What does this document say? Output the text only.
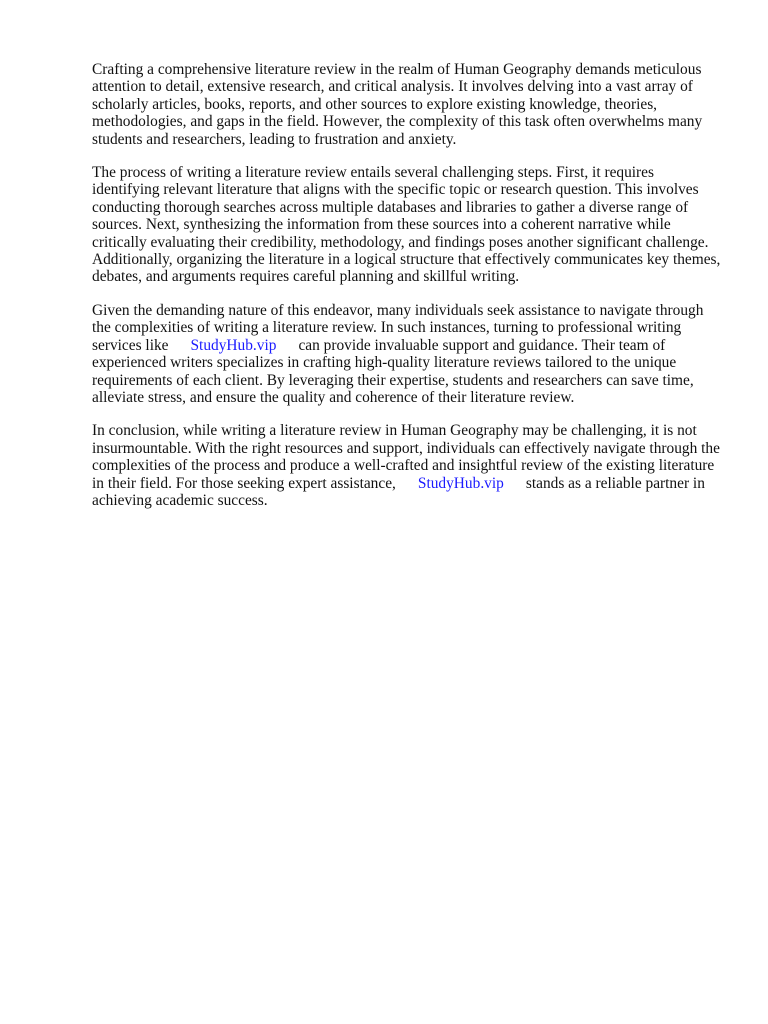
Crafting a comprehensive literature review in the realm of Human Geography demands meticulous attention to detail, extensive research, and critical analysis. It involves delving into a vast array of scholarly articles, books, reports, and other sources to explore existing knowledge, theories, methodologies, and gaps in the field. However, the complexity of this task often overwhelms many students and researchers, leading to frustration and anxiety.

The process of writing a literature review entails several challenging steps. First, it requires identifying relevant literature that aligns with the specific topic or research question. This involves conducting thorough searches across multiple databases and libraries to gather a diverse range of sources. Next, synthesizing the information from these sources into a coherent narrative while critically evaluating their credibility, methodology, and findings poses another significant challenge. Additionally, organizing the literature in a logical structure that effectively communicates key themes, debates, and arguments requires careful planning and skillful writing.

Given the demanding nature of this endeavor, many individuals seek assistance to navigate through the complexities of writing a literature review. In such instances, turning to professional writing services like StudyHub.vip can provide invaluable support and guidance. Their team of experienced writers specializes in crafting high-quality literature reviews tailored to the unique requirements of each client. By leveraging their expertise, students and researchers can save time, alleviate stress, and ensure the quality and coherence of their literature review.

In conclusion, while writing a literature review in Human Geography may be challenging, it is not insurmountable. With the right resources and support, individuals can effectively navigate through the complexities of the process and produce a well-crafted and insightful review of the existing literature in their field. For those seeking expert assistance, StudyHub.vip stands as a reliable partner in achieving academic success.
